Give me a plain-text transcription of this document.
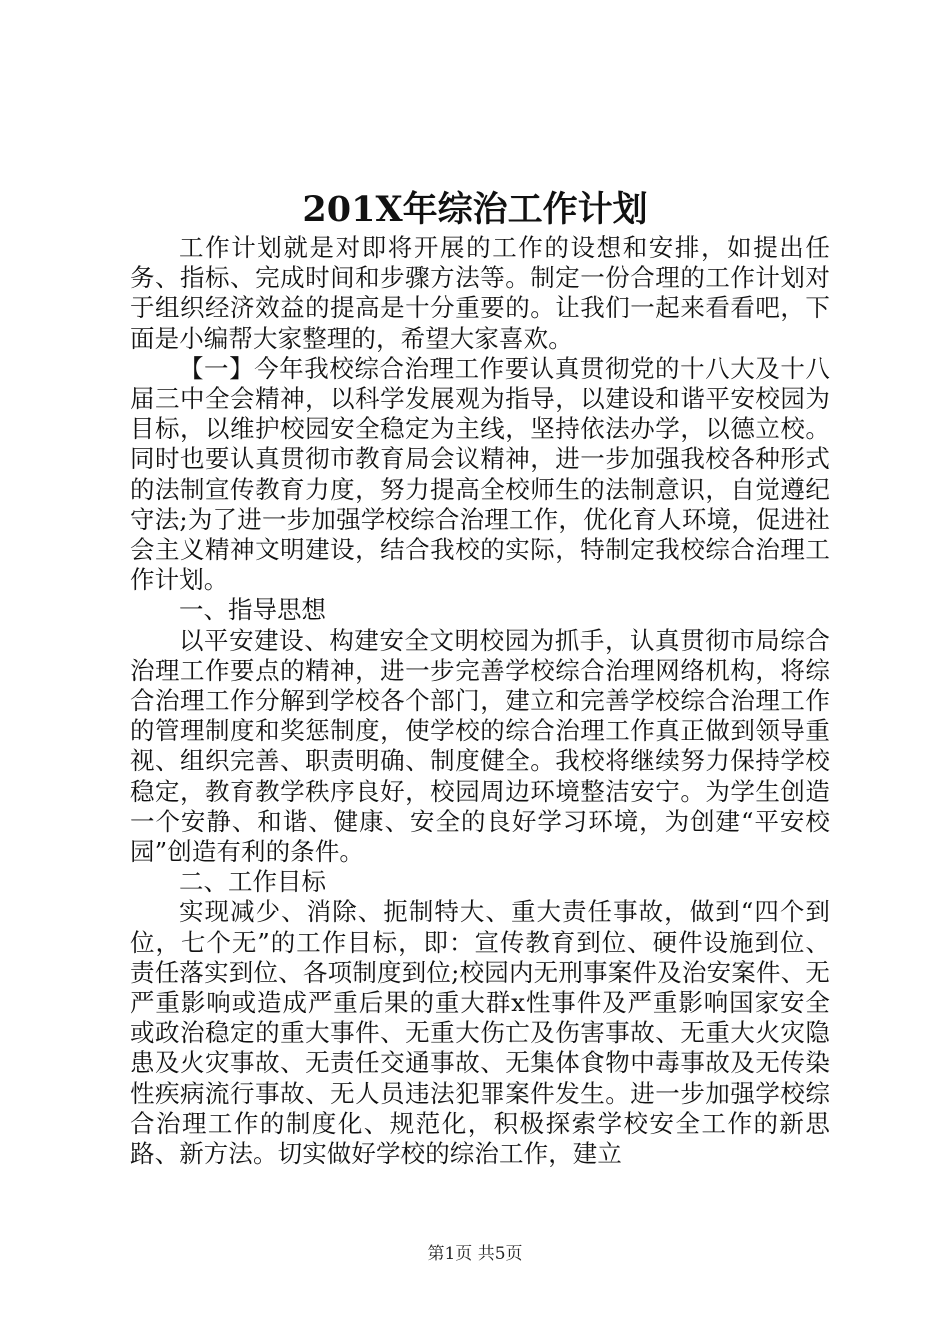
201X年综治工作计划

工作计划就是对即将开展的工作的设想和安排，如提出任务、指标、完成时间和步骤方法等。制定一份合理的工作计划对于组织经济效益的提高是十分重要的。让我们一起来看看吧，下面是小编帮大家整理的，希望大家喜欢。

【一】今年我校综合治理工作要认真贯彻党的十八大及十八届三中全会精神，以科学发展观为指导，以建设和谐平安校园为目标，以维护校园安全稳定为主线，坚持依法办学，以德立校。同时也要认真贯彻市教育局会议精神，进一步加强我校各种形式的法制宣传教育力度，努力提高全校师生的法制意识，自觉遵纪守法;为了进一步加强学校综合治理工作，优化育人环境，促进社会主义精神文明建设，结合我校的实际，特制定我校综合治理工作计划。

一、指导思想

以平安建设、构建安全文明校园为抓手，认真贯彻市局综合治理工作要点的精神，进一步完善学校综合治理网络机构，将综合治理工作分解到学校各个部门，建立和完善学校综合治理工作的管理制度和奖惩制度，使学校的综合治理工作真正做到领导重视、组织完善、职责明确、制度健全。我校将继续努力保持学校稳定，教育教学秩序良好，校园周边环境整洁安宁。为学生创造一个安静、和谐、健康、安全的良好学习环境，为创建“平安校园”创造有利的条件。

二、工作目标

实现减少、消除、扼制特大、重大责任事故，做到“四个到位，七个无”的工作目标，即：宣传教育到位、硬件设施到位、责任落实到位、各项制度到位;校园内无刑事案件及治安案件、无严重影响或造成严重后果的重大群x性事件及严重影响国家安全或政治稳定的重大事件、无重大伤亡及伤害事故、无重大火灾隐患及火灾事故、无责任交通事故、无集体食物中毒事故及无传染性疾病流行事故、无人员违法犯罪案件发生。进一步加强学校综合治理工作的制度化、规范化，积极探索学校安全工作的新思路、新方法。切实做好学校的综治工作，建立

第1页 共5页
